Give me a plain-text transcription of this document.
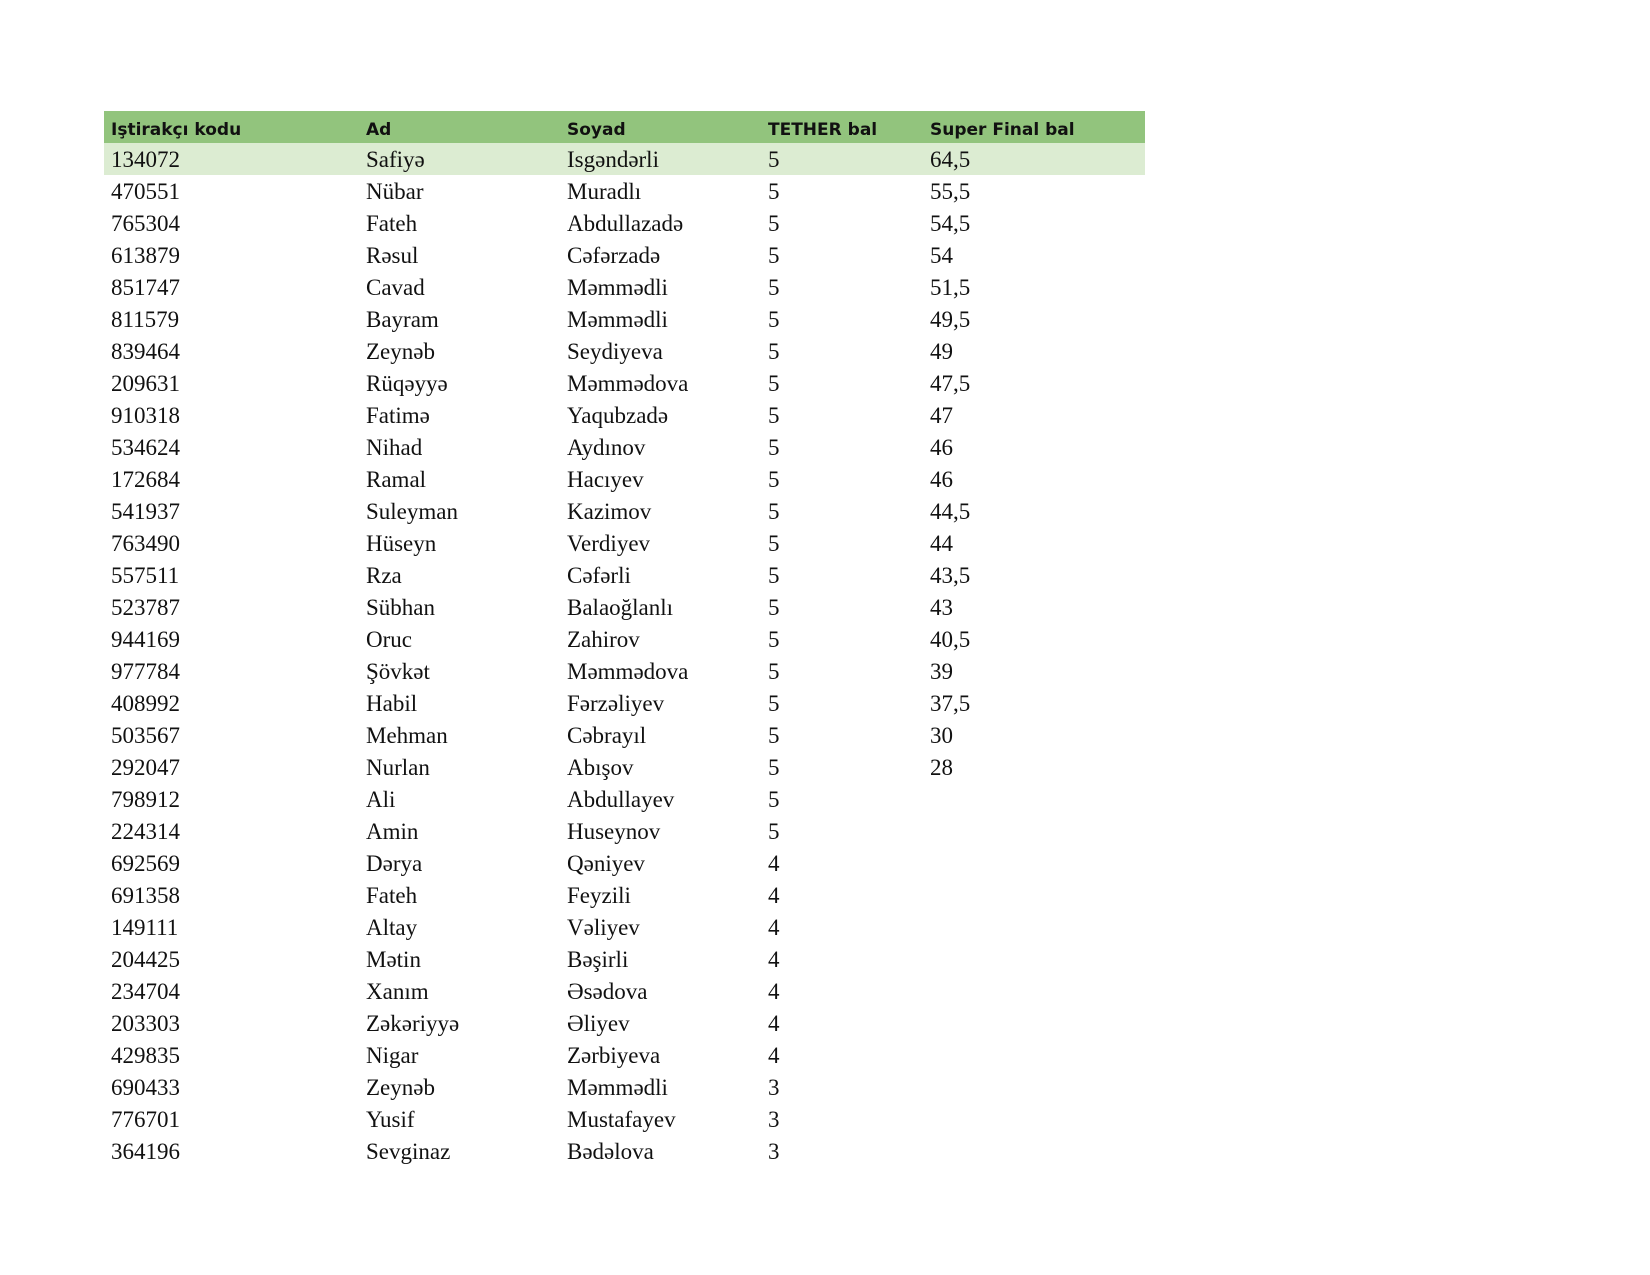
Iştirakçı kodu	Ad	Soyad	TETHER bal	Super Final bal
134072	Safiyə	Isgəndərli	5	64,5
470551	Nübar	Muradlı	5	55,5
765304	Fateh	Abdullazadə	5	54,5
613879	Rəsul	Cəfərzadə	5	54
851747	Cavad	Məmmədli	5	51,5
811579	Bayram	Məmmədli	5	49,5
839464	Zeynəb	Seydiyeva	5	49
209631	Rüqəyyə	Məmmədova	5	47,5
910318	Fatimə	Yaqubzadə	5	47
534624	Nihad	Aydınov	5	46
172684	Ramal	Hacıyev	5	46
541937	Suleyman	Kazimov	5	44,5
763490	Hüseyn	Verdiyev	5	44
557511	Rza	Cəfərli	5	43,5
523787	Sübhan	Balaoğlanlı	5	43
944169	Oruc	Zahirov	5	40,5
977784	Şövkət	Məmmədova	5	39
408992	Habil	Fərzəliyev	5	37,5
503567	Mehman	Cəbrayıl	5	30
292047	Nurlan	Abışov	5	28
798912	Ali	Abdullayev	5
224314	Amin	Huseynov	5
692569	Dərya	Qəniyev	4
691358	Fateh	Feyzili	4
149111	Altay	Vəliyev	4
204425	Mətin	Bəşirli	4
234704	Xanım	Əsədova	4
203303	Zəkəriyyə	Əliyev	4
429835	Nigar	Zərbiyeva	4
690433	Zeynəb	Məmmədli	3
776701	Yusif	Mustafayev	3
364196	Sevginaz	Bədəlova	3
